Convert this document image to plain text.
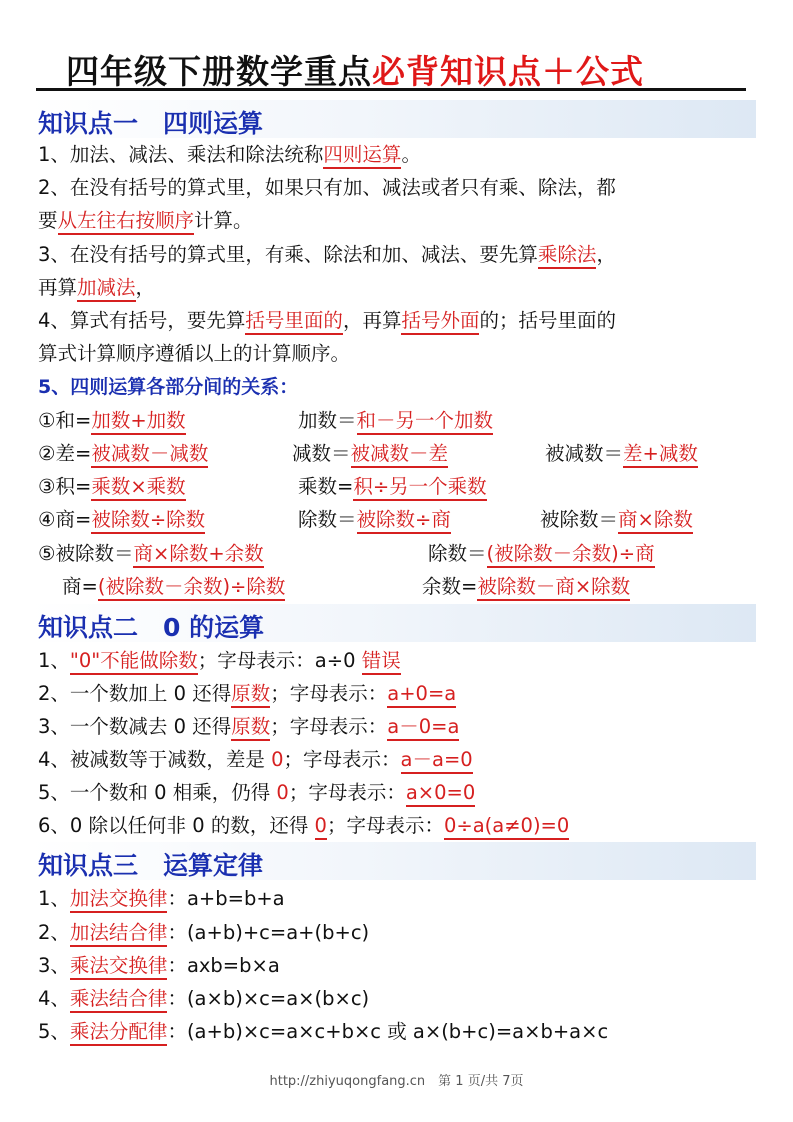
四年级下册数学重点必背知识点＋公式
知识点一　四则运算
1、加法、减法、乘法和除法统称四则运算。
2、在没有括号的算式里，如果只有加、减法或者只有乘、除法，都
要从左往右按顺序计算。
3、在没有括号的算式里，有乘、除法和加、减法、要先算乘除法，
再算加减法，
4、算式有括号，要先算括号里面的，再算括号外面的；括号里面的
算式计算顺序遵循以上的计算顺序。
5、四则运算各部分间的关系：
①和=加数+加数	加数＝和－另一个加数
②差=被减数－减数	减数＝被减数－差	被减数＝差+减数
③积=乘数×乘数	乘数=积÷另一个乘数
④商=被除数÷除数	除数＝被除数÷商	被除数＝商×除数
⑤被除数＝商×除数+余数	除数＝(被除数－余数)÷商
商=(被除数－余数)÷除数	余数=被除数－商×除数
知识点二　0 的运算
1、"0"不能做除数；字母表示：a÷0 错误
2、一个数加上 0 还得原数；字母表示：a+0=a
3、一个数减去 0 还得原数；字母表示：a－0=a
4、被减数等于减数，差是 0；字母表示：a－a=0
5、一个数和 0 相乘，仍得 0；字母表示：a×0=0
6、0 除以任何非 0 的数，还得 0；字母表示：0÷a(a≠0)=0
知识点三　运算定律
1、加法交换律：a+b=b+a
2、加法结合律：(a+b)+c=a+(b+c)
3、乘法交换律：axb=b×a
4、乘法结合律：(a×b)×c=a×(b×c)
5、乘法分配律：(a+b)×c=a×c+b×c 或 a×(b+c)=a×b+a×c
http://zhiyuqongfang.cn　第 1 页/共 7页
